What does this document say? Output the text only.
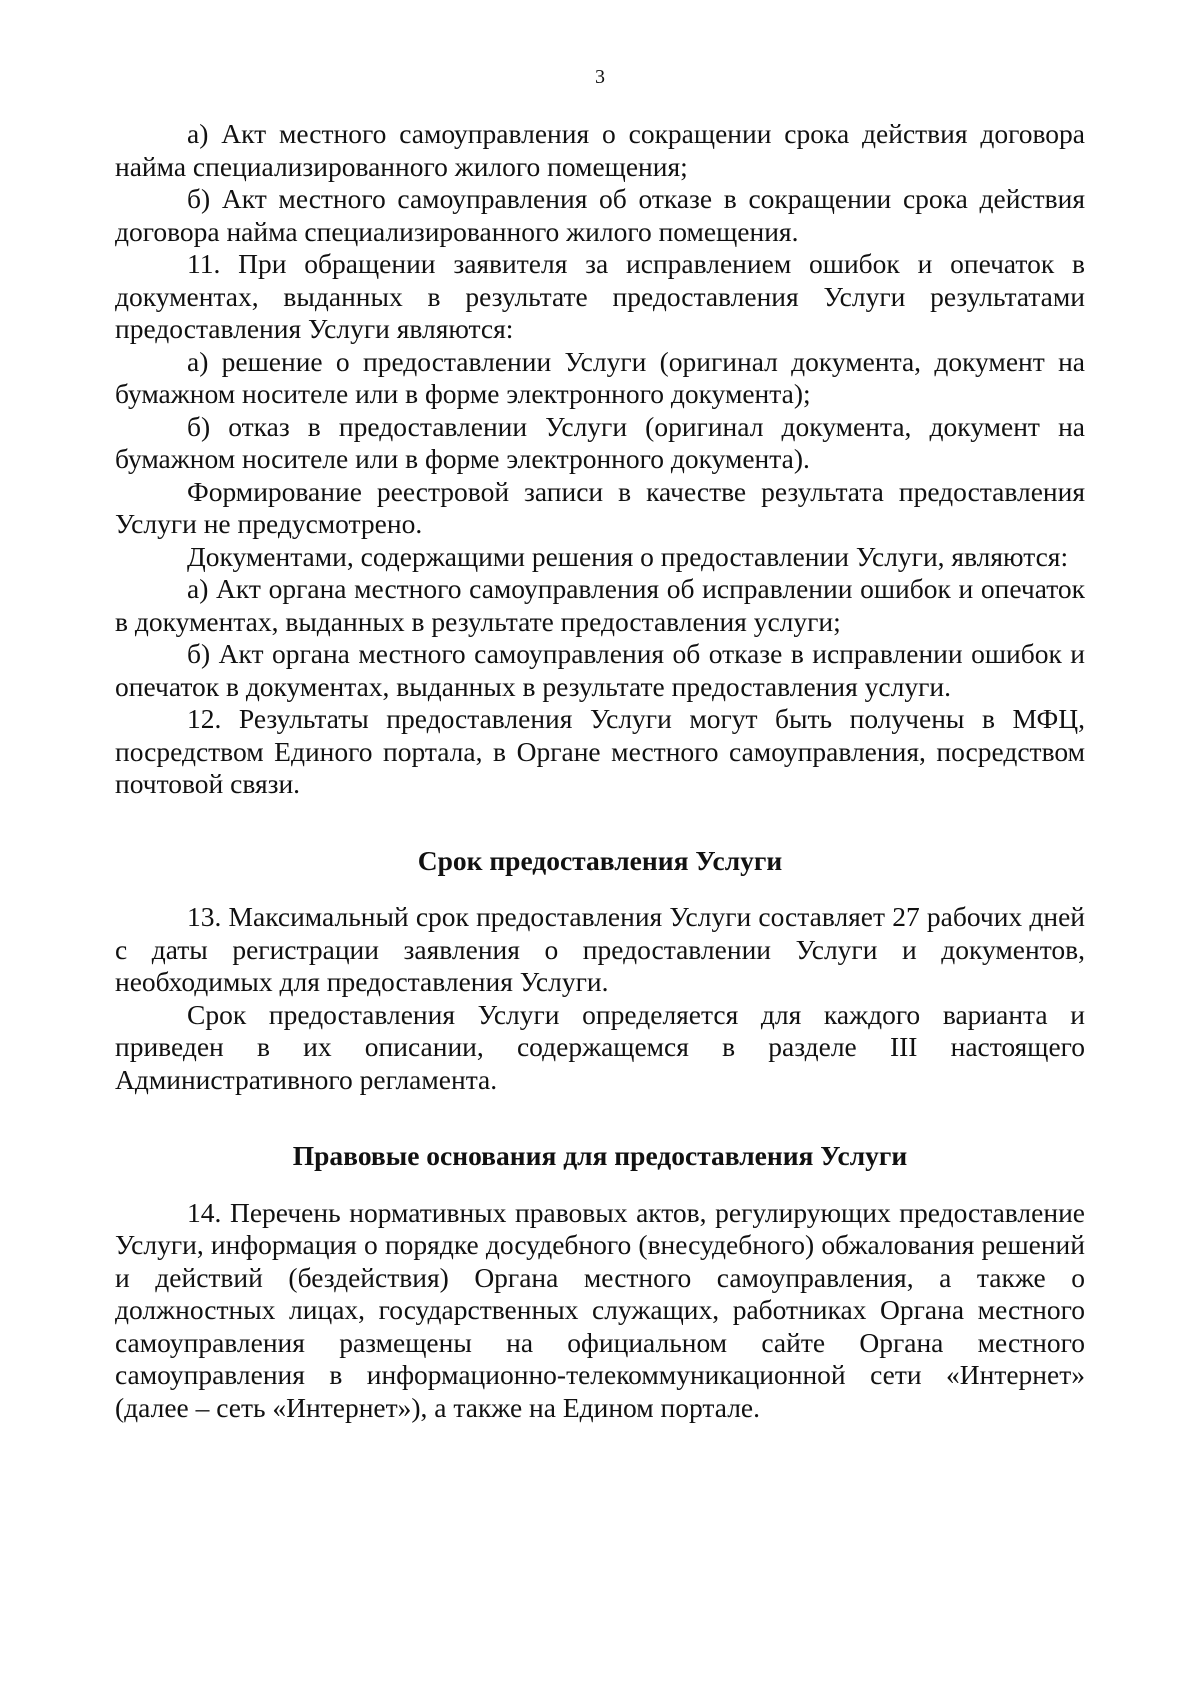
3

а) Акт местного самоуправления о сокращении срока действия договора найма специализированного жилого помещения;

б) Акт местного самоуправления об отказе в сокращении срока действия договора найма специализированного жилого помещения.

11. При обращении заявителя за исправлением ошибок и опечаток в документах, выданных в результате предоставления Услуги результатами предоставления Услуги являются:

а) решение о предоставлении Услуги (оригинал документа, документ на бумажном носителе или в форме электронного документа);

б) отказ в предоставлении Услуги (оригинал документа, документ на бумажном носителе или в форме электронного документа).

Формирование реестровой записи в качестве результата предоставления Услуги не предусмотрено.

Документами, содержащими решения о предоставлении Услуги, являются:

а) Акт органа местного самоуправления об исправлении ошибок и опечаток в документах, выданных в результате предоставления услуги;

б) Акт органа местного самоуправления об отказе в исправлении ошибок и опечаток в документах, выданных в результате предоставления услуги.

12. Результаты предоставления Услуги могут быть получены в МФЦ, посредством Единого портала, в Органе местного самоуправления, посредством почтовой связи.

Срок предоставления Услуги

13. Максимальный срок предоставления Услуги составляет 27 рабочих дней с даты регистрации заявления о предоставлении Услуги и документов, необходимых для предоставления Услуги.

Срок предоставления Услуги определяется для каждого варианта и приведен в их описании, содержащемся в разделе III настоящего Административного регламента.

Правовые основания для предоставления Услуги

14. Перечень нормативных правовых актов, регулирующих предоставление Услуги, информация о порядке досудебного (внесудебного) обжалования решений и действий (бездействия) Органа местного самоуправления, а также о должностных лицах, государственных служащих, работниках Органа местного самоуправления размещены на официальном сайте Органа местного самоуправления в информационно-телекоммуникационной сети «Интернет» (далее – сеть «Интернет»), а также на Едином портале.
